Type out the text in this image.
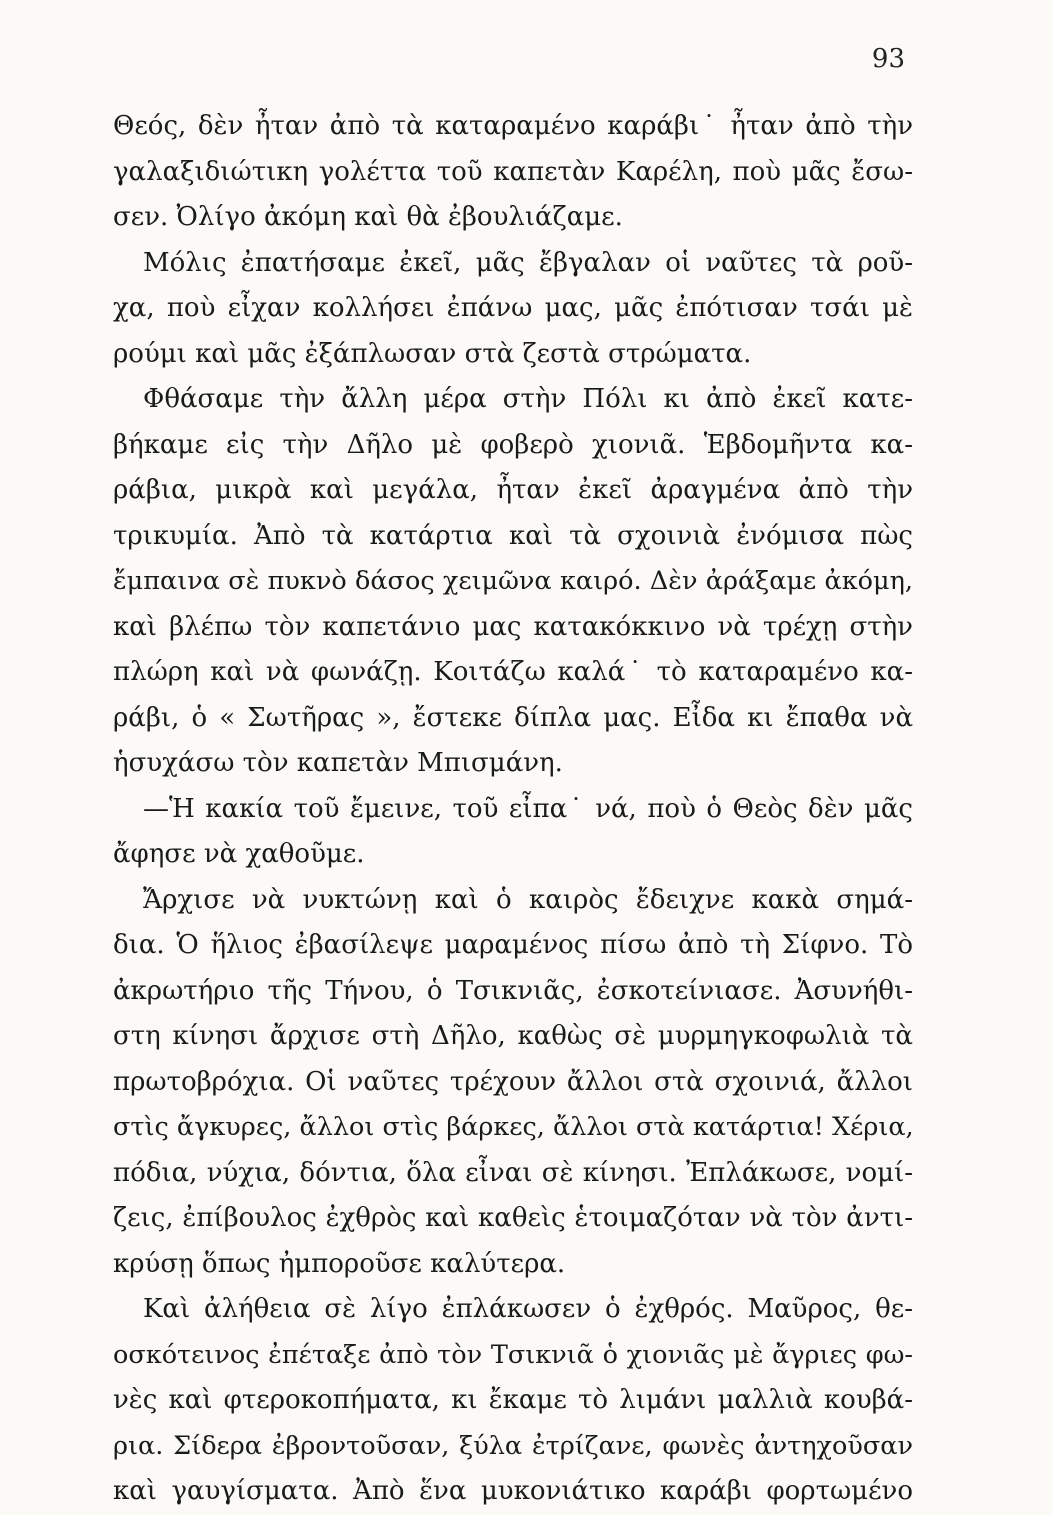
93
Θεός, δὲν ἦταν ἀπὸ τὰ καταραμένο καράβι˙ ἦταν ἀπὸ τὴν
γαλαξιδιώτικη γολέττα τοῦ καπετὰν Καρέλη, ποὺ μᾶς ἔσω-
σεν. Ὀλίγο ἀκόμη καὶ θὰ ἐβουλιάζαμε.
Μόλις ἐπατήσαμε ἐκεῖ, μᾶς ἔβγαλαν οἱ ναῦτες τὰ ροῦ-
χα, ποὺ εἶχαν κολλήσει ἐπάνω μας, μᾶς ἐπότισαν τσάι μὲ
ρούμι καὶ μᾶς ἐξάπλωσαν στὰ ζεστὰ στρώματα.
Φθάσαμε τὴν ἄλλη μέρα στὴν Πόλι κι ἀπὸ ἐκεῖ κατε-
βήκαμε εἰς τὴν Δῆλο μὲ φοβερὸ χιονιᾶ. Ἑβδομῆντα κα-
ράβια, μικρὰ καὶ μεγάλα, ἦταν ἐκεῖ ἀραγμένα ἀπὸ τὴν
τρικυμία. Ἀπὸ τὰ κατάρτια καὶ τὰ σχοινιὰ ἐνόμισα πὼς
ἔμπαινα σὲ πυκνὸ δάσος χειμῶνα καιρό. Δὲν ἀράξαμε ἀκόμη,
καὶ βλέπω τὸν καπετάνιο μας κατακόκκινο νὰ τρέχῃ στὴν
πλώρη καὶ νὰ φωνάζῃ. Κοιτάζω καλά˙ τὸ καταραμένο κα-
ράβι, ὁ « Σωτῆρας », ἔστεκε δίπλα μας. Εἶδα κι ἔπαθα νὰ
ἡσυχάσω τὸν καπετὰν Μπισμάνη.
—Ἡ κακία τοῦ ἔμεινε, τοῦ εἶπα˙ νά, ποὺ ὁ Θεὸς δὲν μᾶς
ἄφησε νὰ χαθοῦμε.
Ἄρχισε νὰ νυκτώνῃ καὶ ὁ καιρὸς ἔδειχνε κακὰ σημά-
δια. Ὁ ἥλιος ἐβασίλεψε μαραμένος πίσω ἀπὸ τὴ Σίφνο. Τὸ
ἀκρωτήριο τῆς Τήνου, ὁ Τσικνιᾶς, ἐσκοτείνιασε. Ἀσυνήθι-
στη κίνησι ἄρχισε στὴ Δῆλο, καθὼς σὲ μυρμηγκοφωλιὰ τὰ
πρωτοβρόχια. Οἱ ναῦτες τρέχουν ἄλλοι στὰ σχοινιά, ἄλλοι
στὶς ἄγκυρες, ἄλλοι στὶς βάρκες, ἄλλοι στὰ κατάρτια! Χέρια,
πόδια, νύχια, δόντια, ὅλα εἶναι σὲ κίνησι. Ἐπλάκωσε, νομί-
ζεις, ἐπίβουλος ἐχθρὸς καὶ καθεὶς ἑτοιμαζόταν νὰ τὸν ἀντι-
κρύσῃ ὅπως ἠμποροῦσε καλύτερα.
Καὶ ἀλήθεια σὲ λίγο ἐπλάκωσεν ὁ ἐχθρός. Μαῦρος, θε-
οσκότεινος ἐπέταξε ἀπὸ τὸν Τσικνιᾶ ὁ χιονιᾶς μὲ ἄγριες φω-
νὲς καὶ φτεροκοπήματα, κι ἔκαμε τὸ λιμάνι μαλλιὰ κουβά-
ρια. Σίδερα ἐβροντοῦσαν, ξύλα ἐτρίζανε, φωνὲς ἀντηχοῦσαν
καὶ γαυγίσματα. Ἀπὸ ἕνα μυκονιάτικο καράβι φορτωμένο
